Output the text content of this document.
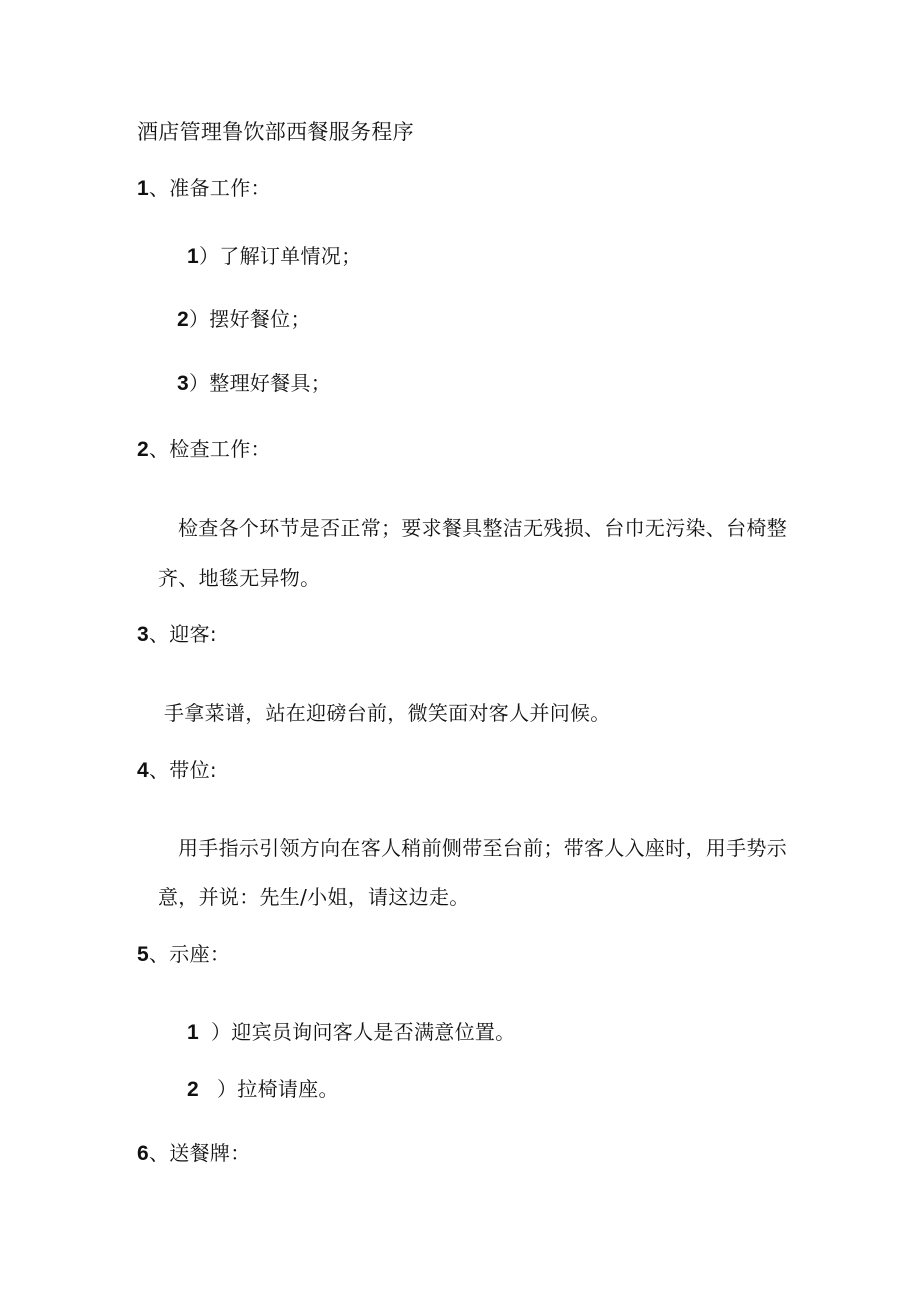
酒店管理鲁饮部西餐服务程序
1、准备工作：
1）了解订单情况；
2）摆好餐位；
3）整理好餐具；
2、检查工作：
检查各个环节是否正常；要求餐具整洁无残损、台巾无污染、台椅整
齐、地毯无异物。
3、迎客:
手拿菜谱，站在迎磅台前，微笑面对客人并问候。
4、带位:
用手指示引领方向在客人稍前侧带至台前；带客人入座时，用手势示
意，并说：先生/小姐，请这边走。
5、示座：
1 ）迎宾员询问客人是否满意位置。
2 ）拉椅请座。
6、送餐牌：
